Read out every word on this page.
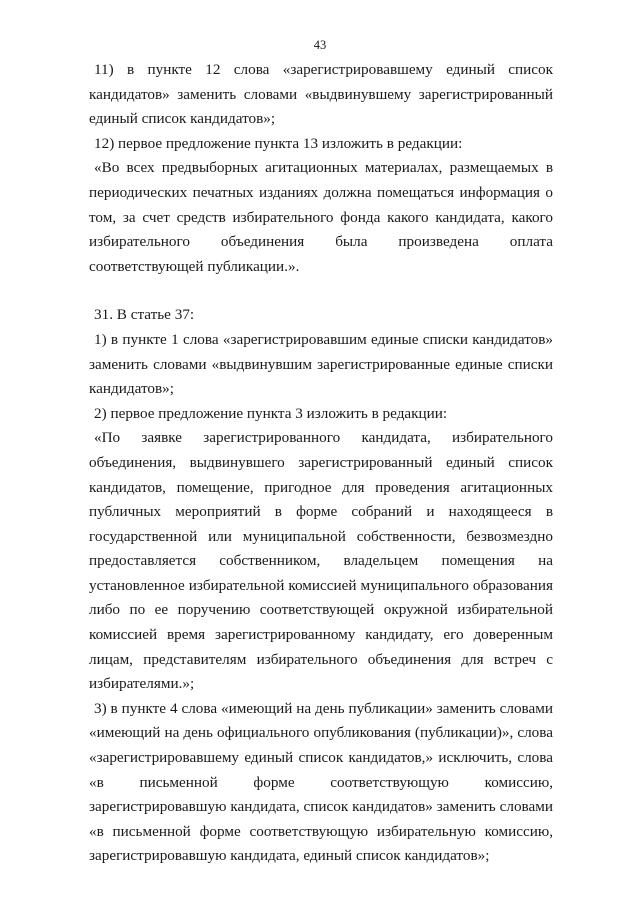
43

11) в пункте 12 слова «зарегистрировавшему единый список кандидатов» заменить словами «выдвинувшему зарегистрированный единый список кандидатов»;

12) первое предложение пункта 13 изложить в редакции:

«Во всех предвыборных агитационных материалах, размещаемых в периодических печатных изданиях должна помещаться информация о том, за счет средств избирательного фонда какого кандидата, какого избирательного объединения была произведена оплата соответствующей публикации.».

31. В статье 37:

1) в пункте 1 слова «зарегистрировавшим единые списки кандидатов» заменить словами «выдвинувшим зарегистрированные единые списки кандидатов»;

2) первое предложение пункта 3 изложить в редакции:

«По заявке зарегистрированного кандидата, избирательного объединения, выдвинувшего зарегистрированный единый список кандидатов, помещение, пригодное для проведения агитационных публичных мероприятий в форме собраний и находящееся в государственной или муниципальной собственности, безвозмездно предоставляется собственником, владельцем помещения на установленное избирательной комиссией муниципального образования либо по ее поручению соответствующей окружной избирательной комиссией время зарегистрированному кандидату, его доверенным лицам, представителям избирательного объединения для встреч с избирателями.»;

3) в пункте 4 слова «имеющий на день публикации» заменить словами «имеющий на день официального опубликования (публикации)», слова «зарегистрировавшему единый список кандидатов,» исключить, слова «в письменной форме соответствующую комиссию, зарегистрировавшую кандидата, список кандидатов» заменить словами «в письменной форме соответствующую избирательную комиссию, зарегистрировавшую кандидата, единый список кандидатов»;
